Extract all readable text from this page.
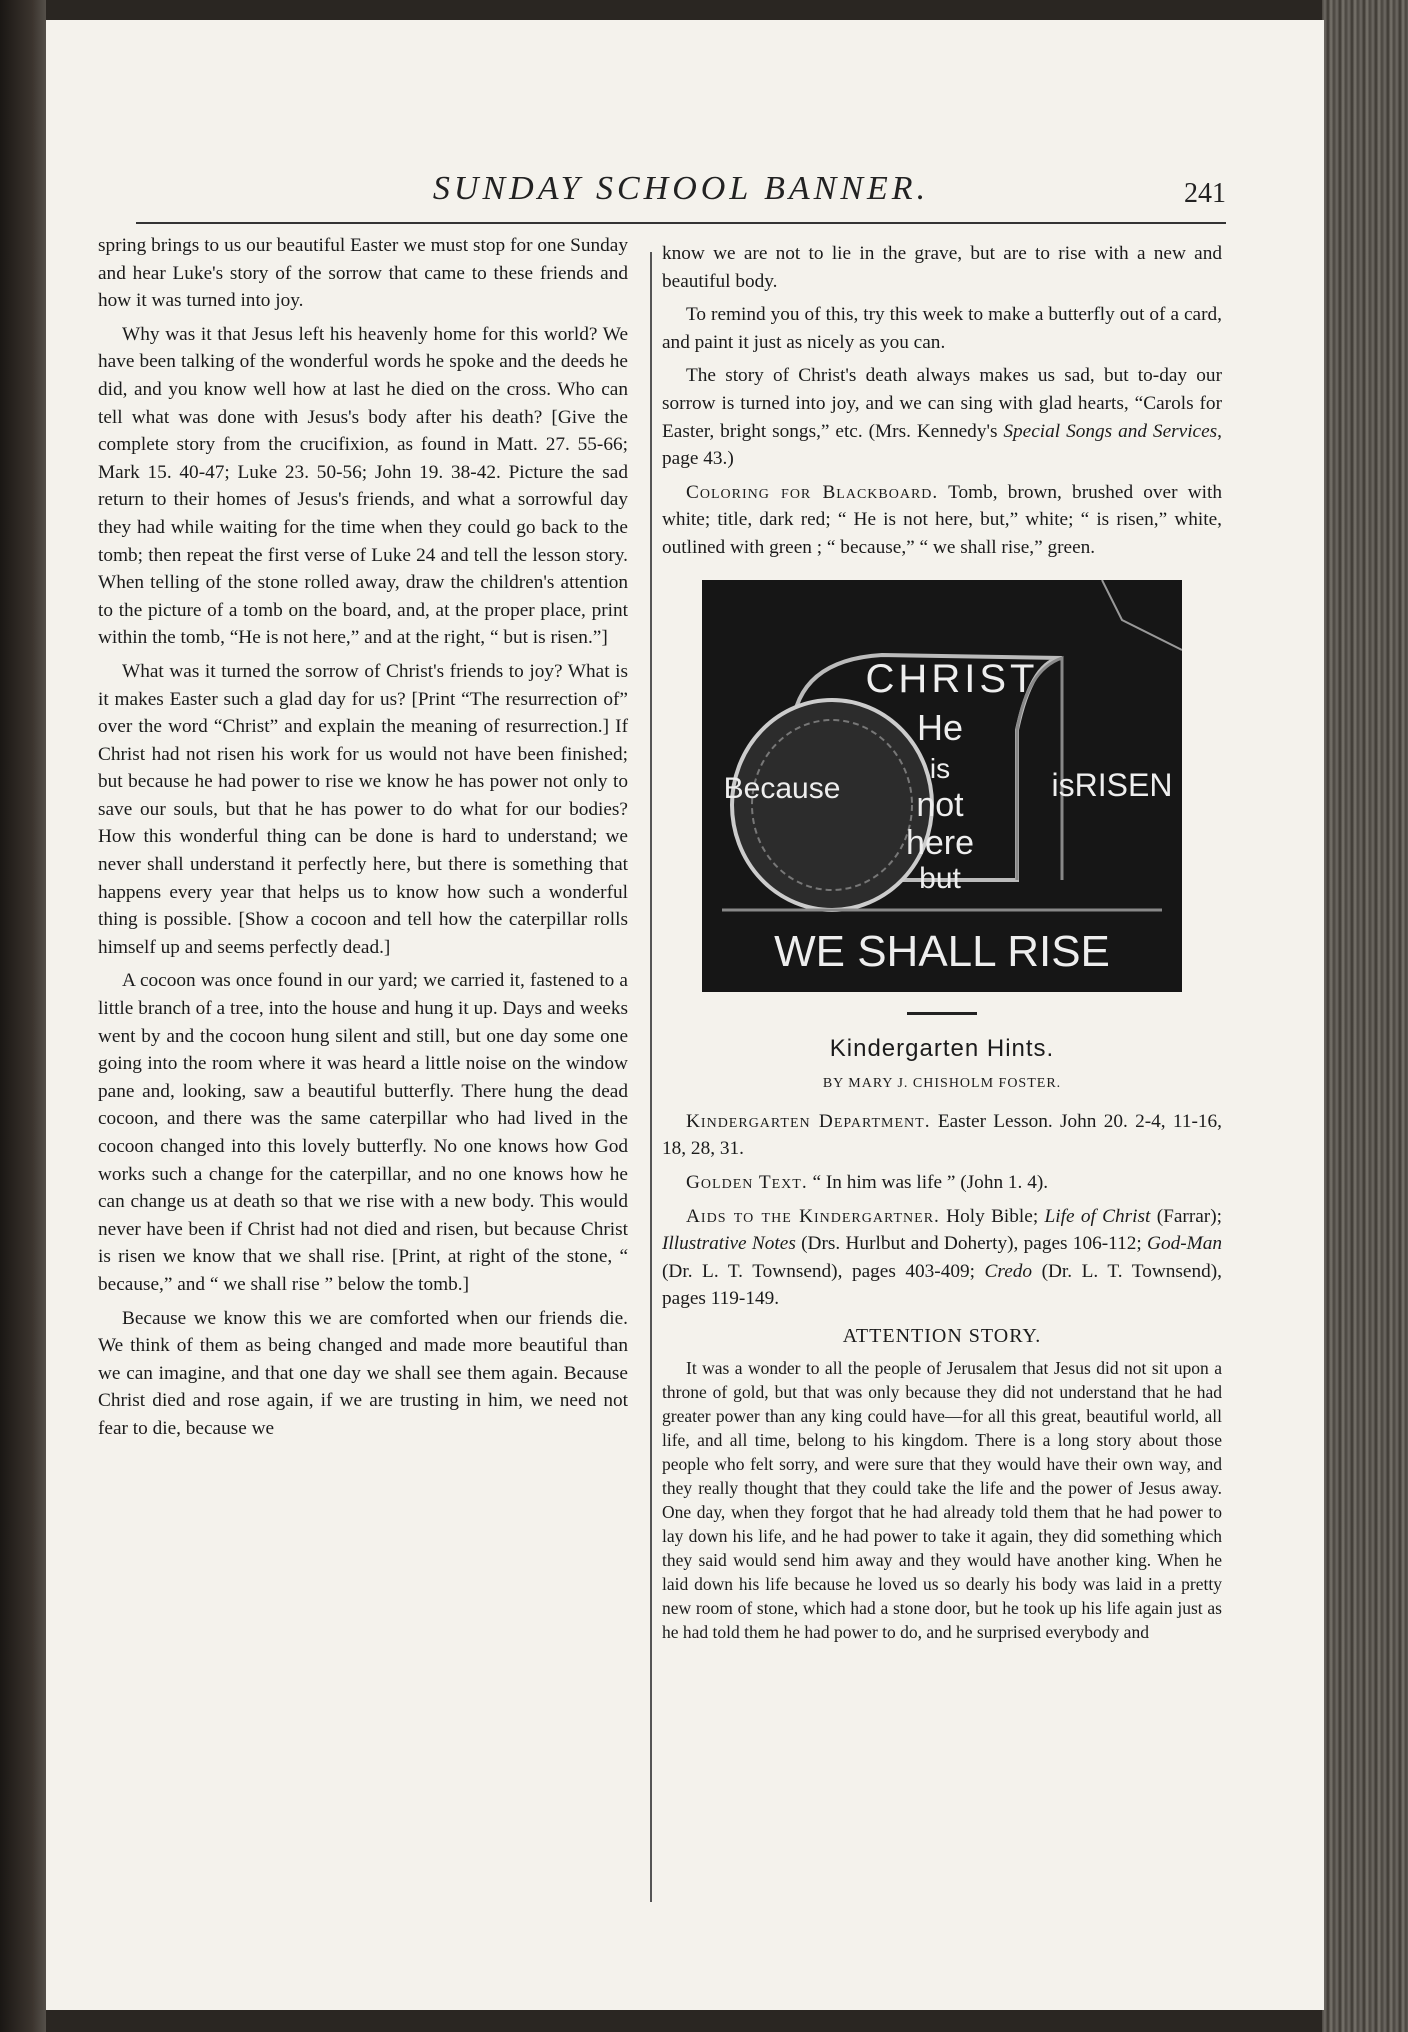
SUNDAY SCHOOL BANNER.	241

spring brings to us our beautiful Easter we must stop for one Sunday and hear Luke's story of the sorrow that came to these friends and how it was turned into joy.

Why was it that Jesus left his heavenly home for this world? We have been talking of the wonderful words he spoke and the deeds he did, and you know well how at last he died on the cross. Who can tell what was done with Jesus's body after his death? [Give the complete story from the crucifixion, as found in Matt. 27. 55-66; Mark 15. 40-47; Luke 23. 50-56; John 19. 38-42. Picture the sad return to their homes of Jesus's friends, and what a sorrowful day they had while waiting for the time when they could go back to the tomb; then repeat the first verse of Luke 24 and tell the lesson story. When telling of the stone rolled away, draw the children's attention to the picture of a tomb on the board, and, at the proper place, print within the tomb, “He is not here,” and at the right, “ but is risen.”]

What was it turned the sorrow of Christ's friends to joy? What is it makes Easter such a glad day for us? [Print “The resurrection of” over the word “Christ” and explain the meaning of resurrection.] If Christ had not risen his work for us would not have been finished; but because he had power to rise we know he has power not only to save our souls, but that he has power to do what for our bodies? How this wonderful thing can be done is hard to understand; we never shall understand it perfectly here, but there is something that happens every year that helps us to know how such a wonderful thing is possible. [Show a cocoon and tell how the caterpillar rolls himself up and seems perfectly dead.]

A cocoon was once found in our yard; we carried it, fastened to a little branch of a tree, into the house and hung it up. Days and weeks went by and the cocoon hung silent and still, but one day some one going into the room where it was heard a little noise on the window pane and, looking, saw a beautiful butterfly. There hung the dead cocoon, and there was the same caterpillar who had lived in the cocoon changed into this lovely butterfly. No one knows how God works such a change for the caterpillar, and no one knows how he can change us at death so that we rise with a new body. This would never have been if Christ had not died and risen, but because Christ is risen we know that we shall rise. [Print, at right of the stone, “ because,” and “ we shall rise ” below the tomb.]

Because we know this we are comforted when our friends die. We think of them as being changed and made more beautiful than we can imagine, and that one day we shall see them again. Because Christ died and rose again, if we are trusting in him, we need not fear to die, because we

know we are not to lie in the grave, but are to rise with a new and beautiful body.

To remind you of this, try this week to make a butterfly out of a card, and paint it just as nicely as you can.

The story of Christ's death always makes us sad, but to-day our sorrow is turned into joy, and we can sing with glad hearts, “Carols for Easter, bright songs,” etc. (Mrs. Kennedy's Special Songs and Services, page 43.)

Coloring for Blackboard. Tomb, brown, brushed over with white; title, dark red; “ He is not here, but,” white; “ is risen,” white, outlined with green ; “ because,” “ we shall rise,” green.

CHRIST
He
is
not
here
but
Because	isRISEN
WE SHALL RISE
Kindergarten Hints.
BY MARY J. CHISHOLM FOSTER.

Kindergarten Department. Easter Lesson. John 20. 2-4, 11-16, 18, 28, 31.

Golden Text. “ In him was life ” (John 1. 4).

Aids to the Kindergartner. Holy Bible; Life of Christ (Farrar); Illustrative Notes (Drs. Hurlbut and Doherty), pages 106-112; God-Man (Dr. L. T. Townsend), pages 403-409; Credo (Dr. L. T. Townsend), pages 119-149.

ATTENTION STORY.

It was a wonder to all the people of Jerusalem that Jesus did not sit upon a throne of gold, but that was only because they did not understand that he had greater power than any king could have—for all this great, beautiful world, all life, and all time, belong to his kingdom. There is a long story about those people who felt sorry, and were sure that they would have their own way, and they really thought that they could take the life and the power of Jesus away. One day, when they forgot that he had already told them that he had power to lay down his life, and he had power to take it again, they did something which they said would send him away and they would have another king. When he laid down his life because he loved us so dearly his body was laid in a pretty new room of stone, which had a stone door, but he took up his life again just as he had told them he had power to do, and he surprised everybody and
